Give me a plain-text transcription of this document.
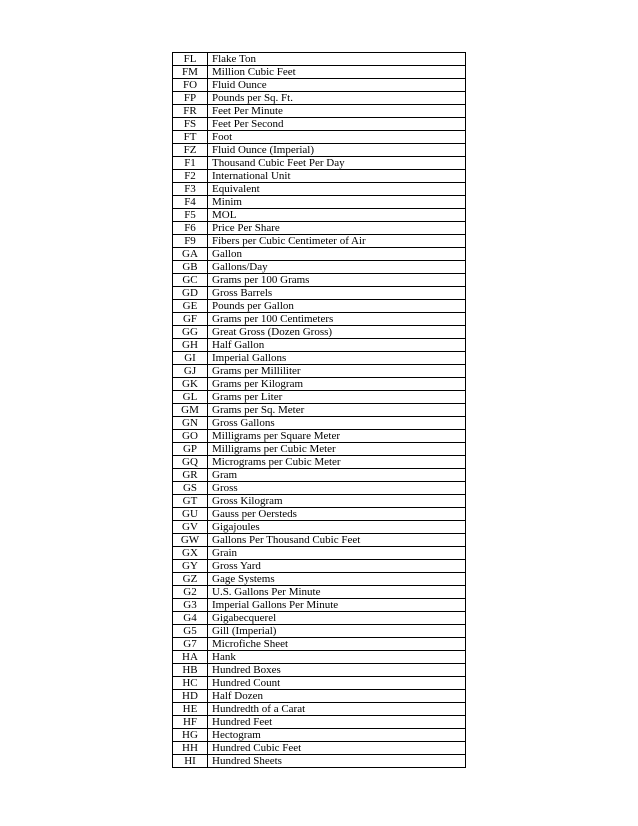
FL	Flake Ton
FM	Million Cubic Feet
FO	Fluid Ounce
FP	Pounds per Sq. Ft.
FR	Feet Per Minute
FS	Feet Per Second
FT	Foot
FZ	Fluid Ounce (Imperial)
F1	Thousand Cubic Feet Per Day
F2	International Unit
F3	Equivalent
F4	Minim
F5	MOL
F6	Price Per Share
F9	Fibers per Cubic Centimeter of Air
GA	Gallon
GB	Gallons/Day
GC	Grams per 100 Grams
GD	Gross Barrels
GE	Pounds per Gallon
GF	Grams per 100 Centimeters
GG	Great Gross (Dozen Gross)
GH	Half Gallon
GI	Imperial Gallons
GJ	Grams per Milliliter
GK	Grams per Kilogram
GL	Grams per Liter
GM	Grams per Sq. Meter
GN	Gross Gallons
GO	Milligrams per Square Meter
GP	Milligrams per Cubic Meter
GQ	Micrograms per Cubic Meter
GR	Gram
GS	Gross
GT	Gross Kilogram
GU	Gauss per Oersteds
GV	Gigajoules
GW	Gallons Per Thousand Cubic Feet
GX	Grain
GY	Gross Yard
GZ	Gage Systems
G2	U.S. Gallons Per Minute
G3	Imperial Gallons Per Minute
G4	Gigabecquerel
G5	Gill (Imperial)
G7	Microfiche Sheet
HA	Hank
HB	Hundred Boxes
HC	Hundred Count
HD	Half Dozen
HE	Hundredth of a Carat
HF	Hundred Feet
HG	Hectogram
HH	Hundred Cubic Feet
HI	Hundred Sheets
